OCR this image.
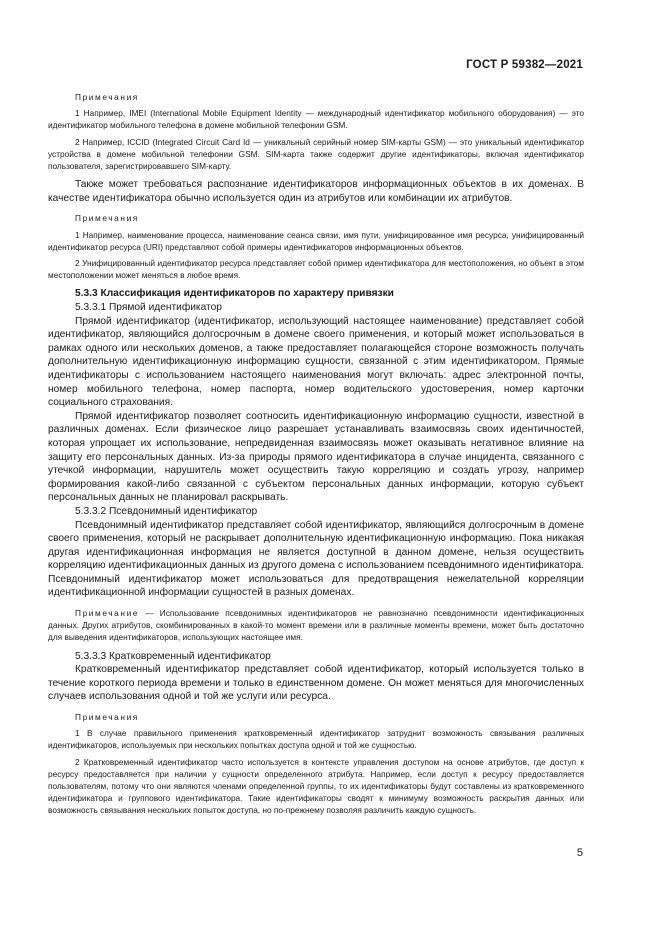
ГОСТ Р 59382—2021
Примечания

1 Например, IMEI (International Mobile Equipment Identity — международный идентификатор мобильного оборудования) — это идентификатор мобильного телефона в домене мобильной телефонии GSM.

2 Например, ICCID (Integrated Circuit Card Id — уникальный серийный номер SIM-карты GSM) — это уникальный идентификатор устройства в домене мобильной телефонии GSM. SIM-карта также содержит другие идентификаторы, включая идентификатор пользователя, зарегистрировавшего SIM-карту.

Также может требоваться распознание идентификаторов информационных объектов в их доменах. В качестве идентификатора обычно используется один из атрибутов или комбинации их атрибутов.

Примечания

1 Например, наименование процесса, наименование сеанса связи, имя пути, унифицированное имя ресурса, унифицированный идентификатор ресурса (URI) представляют собой примеры идентификаторов информационных объектов.

2 Унифицированный идентификатор ресурса представляет собой пример идентификатора для местоположения, но объект в этом местоположении может меняться в любое время.

5.3.3 Классификация идентификаторов по характеру привязки
5.3.3.1 Прямой идентификатор

Прямой идентификатор (идентификатор, использующий настоящее наименование) представляет собой идентификатор, являющийся долгосрочным в домене своего применения, и который может использоваться в рамках одного или нескольких доменов, а также предоставляет полагающейся стороне возможность получать дополнительную идентификационную информацию сущности, связанной с этим идентификатором. Прямые идентификаторы с использованием настоящего наименования могут включать: адрес электронной почты, номер мобильного телефона, номер паспорта, номер водительского удостоверения, номер карточки социального страхования.

Прямой идентификатор позволяет соотносить идентификационную информацию сущности, известной в различных доменах. Если физическое лицо разрешает устанавливать взаимосвязь своих идентичностей, которая упрощает их использование, непредвиденная взаимосвязь может оказывать негативное влияние на защиту его персональных данных. Из-за природы прямого идентификатора в случае инцидента, связанного с утечкой информации, нарушитель может осуществить такую корреляцию и создать угрозу, например формирования какой-либо связанной с субъектом персональных данных информации, которую субъект персональных данных не планировал раскрывать.

5.3.3.2 Псевдонимный идентификатор

Псевдонимный идентификатор представляет собой идентификатор, являющийся долгосрочным в домене своего применения, который не раскрывает дополнительную идентификационную информацию. Пока никакая другая идентификационная информация не является доступной в данном домене, нельзя осуществить корреляцию идентификационных данных из другого домена с использованием псевдонимного идентификатора. Псевдонимный идентификатор может использоваться для предотвращения нежелательной корреляции идентификационной информации сущностей в разных доменах.

Примечание — Использование псевдонимных идентификаторов не равнозначно псевдонимности идентификационных данных. Других атрибутов, скомбинированных в какой-то момент времени или в различные моменты времени, может быть достаточно для выведения идентификаторов, использующих настоящее имя.

5.3.3.3 Кратковременный идентификатор

Кратковременный идентификатор представляет собой идентификатор, который используется только в течение короткого периода времени и только в единственном домене. Он может меняться для многочисленных случаев использования одной и той же услуги или ресурса.

Примечания

1 В случае правильного применения кратковременный идентификатор затруднит возможность связывания различных идентификаторов, используемых при нескольких попытках доступа одной и той же сущностью.

2 Кратковременный идентификатор часто используется в контексте управления доступом на основе атрибутов, где доступ к ресурсу предоставляется при наличии у сущности определенного атрибута. Например, если доступ к ресурсу предоставляется пользователям, потому что они являются членами определенной группы, то их идентификаторы будут составлены из кратковременного идентификатора и группового идентификатора. Такие идентификаторы сводят к минимуму возможность раскрытия данных или возможность связывания нескольких попыток доступа, но по-прежнему позволяя различить каждую сущность.

5
